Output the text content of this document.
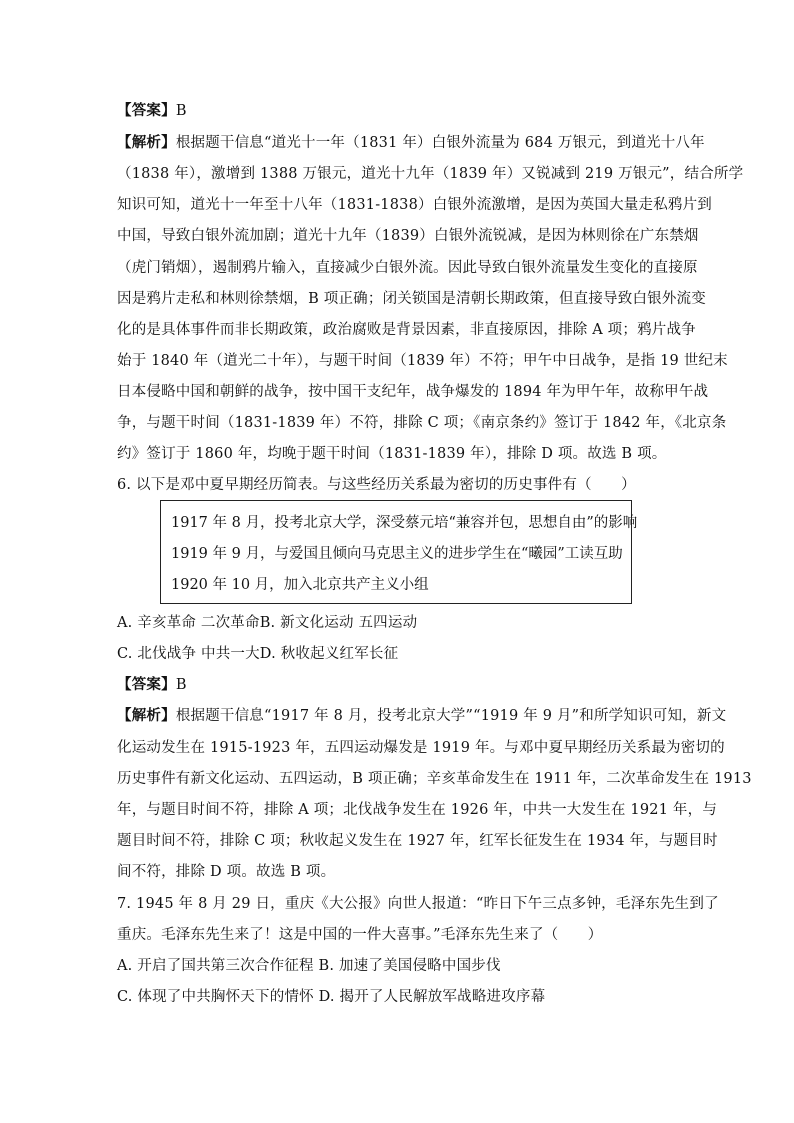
【答案】B
【解析】根据题干信息“道光十一年（1831 年）白银外流量为 684 万银元，到道光十八年
（1838 年），激增到 1388 万银元，道光十九年（1839 年）又锐减到 219 万银元”，结合所学
知识可知，道光十一年至十八年（1831-1838）白银外流激增，是因为英国大量走私鸦片到
中国，导致白银外流加剧；道光十九年（1839）白银外流锐减，是因为林则徐在广东禁烟
（虎门销烟），遏制鸦片输入，直接减少白银外流。因此导致白银外流量发生变化的直接原
因是鸦片走私和林则徐禁烟，B 项正确；闭关锁国是清朝长期政策，但直接导致白银外流变
化的是具体事件而非长期政策，政治腐败是背景因素，非直接原因，排除 A 项；鸦片战争
始于 1840 年（道光二十年），与题干时间（1839 年）不符；甲午中日战争，是指 19 世纪末
日本侵略中国和朝鲜的战争，按中国干支纪年，战争爆发的 1894 年为甲午年，故称甲午战
争，与题干时间（1831-1839 年）不符，排除 C 项；《南京条约》签订于 1842 年，《北京条
约》签订于 1860 年，均晚于题干时间（1831-1839 年），排除 D 项。故选 B 项。
6. 以下是邓中夏早期经历简表。与这些经历关系最为密切的历史事件有（　　）
1917 年 8 月，投考北京大学，深受蔡元培“兼容并包，思想自由”的影响
1919 年 9 月，与爱国且倾向马克思主义的进步学生在“曦园”工读互助
1920 年 10 月，加入北京共产主义小组
A. 辛亥革命 二次革命B. 新文化运动 五四运动
C. 北伐战争 中共一大D. 秋收起义红军长征
【答案】B
【解析】根据题干信息“1917 年 8 月，投考北京大学”“1919 年 9 月”和所学知识可知，新文
化运动发生在 1915-1923 年，五四运动爆发是 1919 年。与邓中夏早期经历关系最为密切的
历史事件有新文化运动、五四运动，B 项正确；辛亥革命发生在 1911 年，二次革命发生在 1913
年，与题目时间不符，排除 A 项；北伐战争发生在 1926 年，中共一大发生在 1921 年，与
题目时间不符，排除 C 项；秋收起义发生在 1927 年，红军长征发生在 1934 年，与题目时
间不符，排除 D 项。故选 B 项。
7. 1945 年 8 月 29 日，重庆《大公报》向世人报道：“昨日下午三点多钟，毛泽东先生到了
重庆。毛泽东先生来了！这是中国的一件大喜事。”毛泽东先生来了（　　）
A. 开启了国共第三次合作征程 B. 加速了美国侵略中国步伐
C. 体现了中共胸怀天下的情怀 D. 揭开了人民解放军战略进攻序幕
